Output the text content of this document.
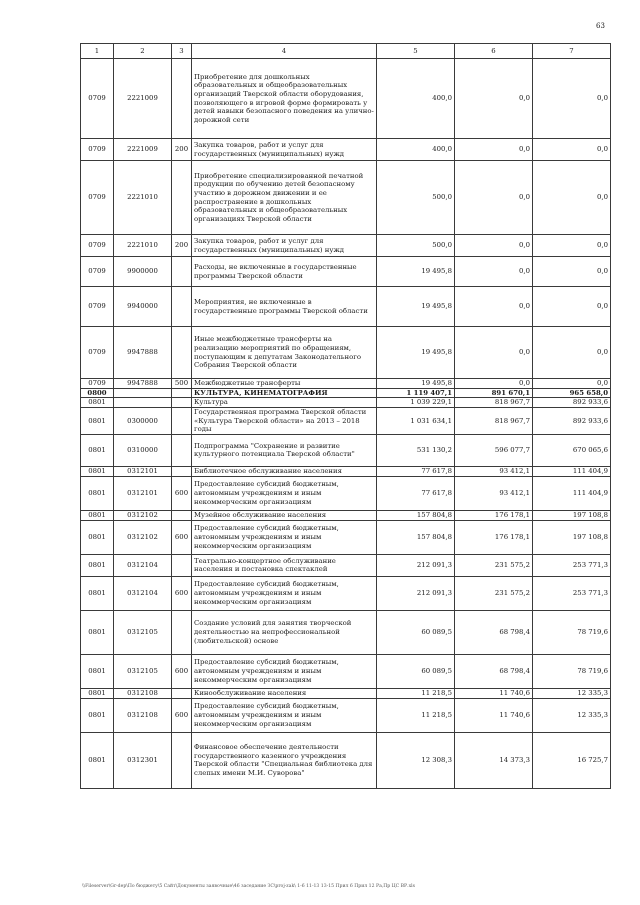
63
1	2	3	4	5	6	7
0709	2221009		Приобретение для дошкольных образовательных и общеобразовательных организаций Тверской области оборудования, позволяющего в игровой форме формировать у детей навыки безопасного поведения на улично-дорожной сети	400,0	0,0	0,0
0709	2221009	200	Закупка товаров, работ и услуг для государственных (муниципальных) нужд	400,0	0,0	0,0
0709	2221010		Приобретение специализированной печатной продукции по обучению детей безопасному участию в дорожном движении и ее распространение в дошкольных образовательных и общеобразовательных организациях Тверской области	500,0	0,0	0,0
0709	2221010	200	Закупка товаров, работ и услуг для государственных (муниципальных) нужд	500,0	0,0	0,0
0709	9900000		Расходы, не включенные в государственные программы Тверской области	19 495,8	0,0	0,0
0709	9940000		Мероприятия, не включенные в государственные программы Тверской области	19 495,8	0,0	0,0
0709	9947888		Иные межбюджетные трансферты на реализацию мероприятий по обращениям, поступающим к депутатам Законодательного Собрания Тверской области	19 495,8	0,0	0,0
0709	9947888	500	Межбюджетные трансферты	19 495,8	0,0	0,0
0800			КУЛЬТУРА, КИНЕМАТОГРАФИЯ	1 119 407,1	891 670,1	965 658,0
0801			Культура	1 039 229,1	818 967,7	892 933,6
0801	0300000		Государственная программа Тверской области «Культура Тверской области» на 2013 – 2018 годы	1 031 634,1	818 967,7	892 933,6
0801	0310000		Подпрограмма "Сохранение и развитие культурного потенциала Тверской области"	531 130,2	596 077,7	670 065,6
0801	0312101		Библиотечное обслуживание населения	77 617,8	93 412,1	111 404,9
0801	0312101	600	Предоставление субсидий бюджетным, автономным учреждениям и иным некоммерческим организациям	77 617,8	93 412,1	111 404,9
0801	0312102		Музейное обслуживание населения	157 804,8	176 178,1	197 108,8
0801	0312102	600	Предоставление субсидий бюджетным, автономным учреждениям и иным некоммерческим организациям	157 804,8	176 178,1	197 108,8
0801	0312104		Театрально-концертное обслуживание населения и постановка спектаклей	212 091,3	231 575,2	253 771,3
0801	0312104	600	Предоставление субсидий бюджетным, автономным учреждениям и иным некоммерческим организациям	212 091,3	231 575,2	253 771,3
0801	0312105		Создание условий для занятия творческой деятельностью на непрофессиональной (любительской) основе	60 089,5	68 798,4	78 719,6
0801	0312105	600	Предоставление субсидий бюджетным, автономным учреждениям и иным некоммерческим организациям	60 089,5	68 798,4	78 719,6
0801	0312108		Кинообслуживание населения	11 218,5	11 740,6	12 335,3
0801	0312108	600	Предоставление субсидий бюджетным, автономным учреждениям и иным некоммерческим организациям	11 218,5	11 740,6	12 335,3
0801	0312301		Финансовое обеспечение деятельности государственного казенного учреждения Тверской области "Специальная библиотека для слепых имени М.И. Суворова"	12 308,3	14 373,3	16 725,7
\\Fileserver\Gr-dep\По бюджету\5 Сайт\Документы заявочные\46 заседание ЗС\proj-zak\ 1-6 11-13 13-15 Прил 6 Прил 12 Ра,Пр ЦС ВР.xls
